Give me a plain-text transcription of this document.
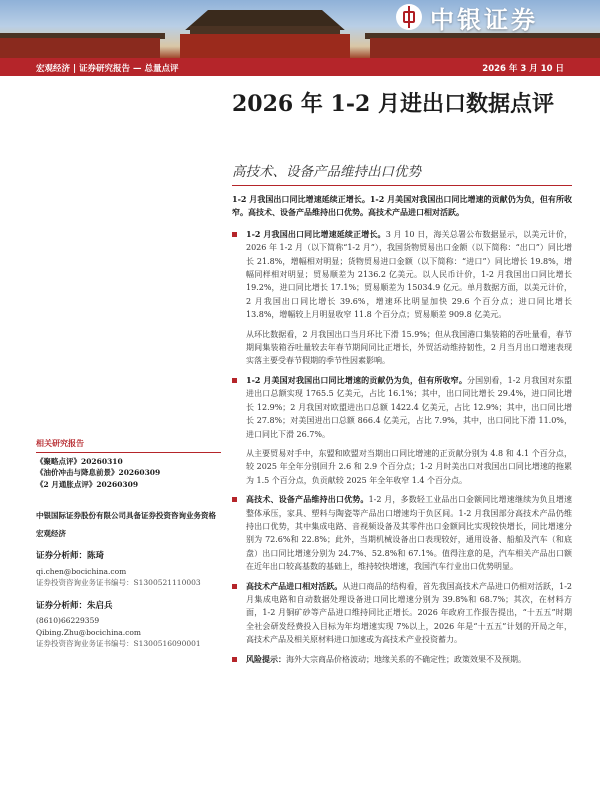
中银证券
宏观经济 | 证券研究报告 — 总量点评	2026 年 3 月 10 日
2026 年 1-2 月进出口数据点评
高技术、设备产品维持出口优势

1-2 月我国出口同比增速延续正增长。1-2 月美国对我国出口同比增速的贡献仍为负，但有所收窄。高技术、设备产品维持出口优势。高技术产品进口相对活跃。

1-2 月我国出口同比增速延续正增长。3 月 10 日，海关总署公布数据显示，以美元计价，2026 年 1-2 月（以下简称“1-2 月”），我国货物贸易出口金额（以下简称：“出口”）同比增长 21.8%，增幅相对明显；货物贸易进口金额（以下简称：“进口”）同比增长 19.8%，增幅同样相对明显；贸易顺差为 2136.2 亿美元。以人民币计价，1-2 月我国出口同比增长 19.2%，进口同比增长 17.1%；贸易顺差为 15034.9 亿元。单月数据方面，以美元计价，2 月我国出口同比增长 39.6%，增速环比明显加快 29.6 个百分点；进口同比增长 13.8%，增幅较上月明显收窄 11.8 个百分点；贸易顺差 909.8 亿美元。

从环比数据看，2 月我国出口当月环比下滑 15.9%；但从我国港口集装箱的吞吐量看，春节期间集装箱吞吐量较去年春节期间同比正增长，外贸活动维持韧性，2 月当月出口增速表现实落主要受春节假期的季节性因素影响。

1-2 月美国对我国出口同比增速的贡献仍为负，但有所收窄。分国别看，1-2 月我国对东盟进出口总额实现 1765.5 亿美元，占比 16.1%；其中，出口同比增长 29.4%，进口同比增长 12.9%；2 月我国对欧盟进出口总额 1422.4 亿美元，占比 12.9%；其中，出口同比增长 27.8%；对美国进出口总额 866.4 亿美元，占比 7.9%，其中，出口同比下滑 11.0%，进口同比下滑 26.7%。

从主要贸易对手中，东盟和欧盟对当期出口同比增速的正贡献分别为 4.8 和 4.1 个百分点，较 2025 年全年分别回升 2.6 和 2.9 个百分点；1-2 月时美出口对我国出口同比增速的拖累为 1.5 个百分点，负贡献较 2025 年全年收窄 1.4 个百分点。

高技术、设备产品维持出口优势。1-2 月，多数轻工业品出口金额同比增速继续为负且增速整体承压，家具、塑料与陶瓷等产品出口增速均于负区间。1-2 月我国部分高技术产品仍维持出口优势，其中集成电路、音视频设备及其零件出口金额同比实现较快增长，同比增速分别为 72.6%和 22.8%；此外，当期机械设备出口表现较好，通用设备、船舶及汽车（和底盘）出口同比增速分别为 24.7%、52.8%和 67.1%。值得注意的是，汽车相关产品出口额在近年出口较高基数的基础上，维持较快增速，我国汽车行业出口优势明显。

高技术产品进口相对活跃。从进口商品的结构看，首先我国高技术产品进口仍相对活跃，1-2 月集成电路和自动数据处理设备进口同比增速分别为 39.8%和 68.7%；其次，在材料方面，1-2 月铜矿砂等产品进口维持同比正增长。2026 年政府工作报告提出，“十五五”时期全社会研发经费投入目标为年均增速实现 7%以上，2026 年是“十五五”计划的开局之年，高技术产品及相关原材料进口加速或为高技术产业投资蓄力。

风险提示：海外大宗商品价格波动；地缘关系的不确定性；政策效果不及预期。

相关研究报告
《聚略点评》20260310
《油价冲击与降息前景》20260309
《2 月通胀点评》20260309
中银国际证券股份有限公司具备证券投资咨询业务资格
宏观经济
证券分析师：陈琦
qi.chen@bocichina.com
证券投资咨询业务证书编号：S1300521110003
证券分析师：朱启兵
(8610)66229359
Qibing.Zhu@bocichina.com
证券投资咨询业务证书编号：S1300516090001
